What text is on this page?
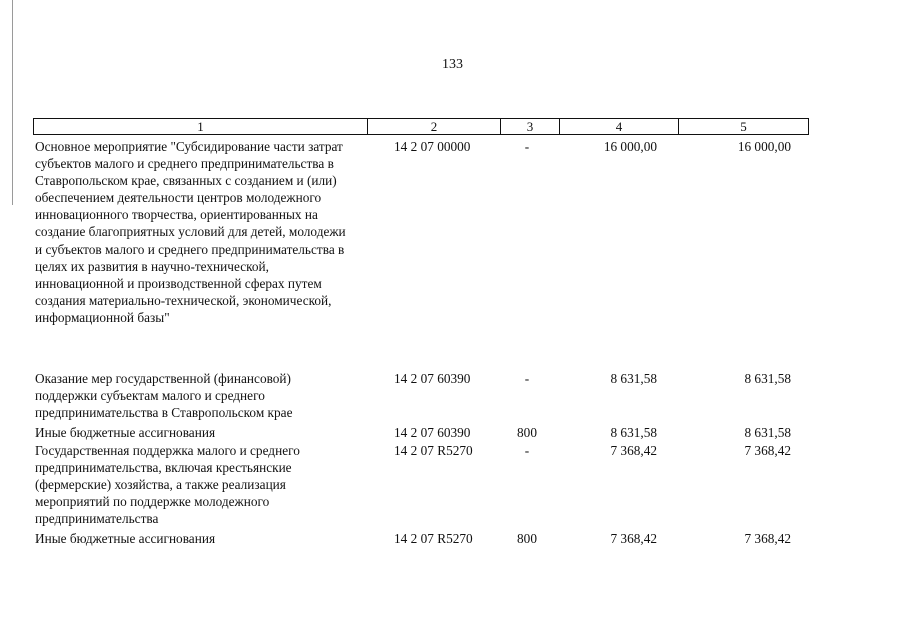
133
1	2	3	4	5
Основное мероприятие "Субсидирование части затрат
субъектов малого и среднего предпринимательства в
Ставропольском крае, связанных с созданием и (или)
обеспечением деятельности центров молодежного
инновационного творчества, ориентированных на
создание благоприятных условий для детей, молодежи
и субъектов малого и среднего предпринимательства в
целях их развития в научно-технической,
инновационной и производственной сферах путем
создания материально-технической, экономической,
информационной базы"
14 2 07 00000	-	16 000,00	16 000,00
Оказание мер государственной (финансовой)
поддержки субъектам малого и среднего
предпринимательства в Ставропольском крае
14 2 07 60390	-	8 631,58	8 631,58
Иные бюджетные ассигнования	14 2 07 60390	800	8 631,58	8 631,58
Государственная поддержка малого и среднего
предпринимательства, включая крестьянские
(фермерские) хозяйства, а также реализация
мероприятий по поддержке молодежного
предпринимательства
14 2 07 R5270	-	7 368,42	7 368,42
Иные бюджетные ассигнования	14 2 07 R5270	800	7 368,42	7 368,42
